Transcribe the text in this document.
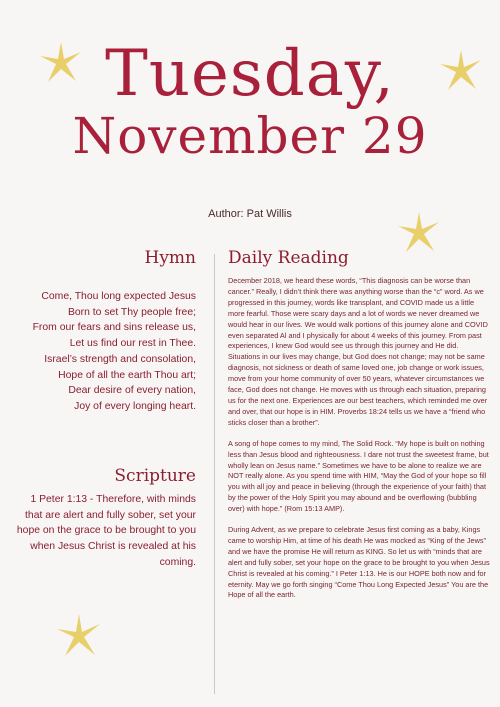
Tuesday,
November 29
Author: Pat Willis
Hymn
Come, Thou long expected Jesus
Born to set Thy people free;
From our fears and sins release us,
Let us find our rest in Thee.
Israel’s strength and consolation,
Hope of all the earth Thou art;
Dear desire of every nation,
Joy of every longing heart.
Scripture
1 Peter 1:13 - Therefore, with minds that are alert and fully sober, set your hope on the grace to be brought to you when Jesus Christ is revealed at his coming.
Daily Reading

December 2018, we heard these words, “This diagnosis can be worse than cancer.” Really, I didn’t think there was anything worse than the “c” word. As we progressed in this journey, words like transplant, and COVID made us a little more fearful. Those were scary days and a lot of words we never dreamed we would hear in our lives. We would walk portions of this journey alone and COVID even separated Al and I physically for about 4 weeks of this journey. From past experiences, I knew God would see us through this journey and He did. Situations in our lives may change, but God does not change; may not be same diagnosis, not sickness or death of same loved one, job change or work issues, move from your home community of over 50 years, whatever circumstances we face, God does not change. He moves with us through each situation, preparing us for the next one. Experiences are our best teachers, which reminded me over and over, that our hope is in HIM. Proverbs 18:24 tells us we have a “friend who sticks closer than a brother”.

A song of hope comes to my mind, The Solid Rock. “My hope is built on nothing less than Jesus blood and righteousness. I dare not trust the sweetest frame, but wholly lean on Jesus name.” Sometimes we have to be alone to realize we are NOT really alone. As you spend time with HIM, “May the God of your hope so fill you with all joy and peace in believing (through the experience of your faith) that by the power of the Holy Spirit you may abound and be overflowing (bubbling over) with hope.” (Rom 15:13 AMP).

During Advent, as we prepare to celebrate Jesus first coming as a baby, Kings came to worship Him, at time of his death He was mocked as “King of the Jews” and we have the promise He will return as KING. So let us with “minds that are alert and fully sober, set your hope on the grace to be brought to you when Jesus Christ is revealed at his coming.” I Peter 1:13. He is our HOPE both now and for eternity. May we go forth singing “Come Thou Long Expected Jesus” You are the Hope of all the earth.
